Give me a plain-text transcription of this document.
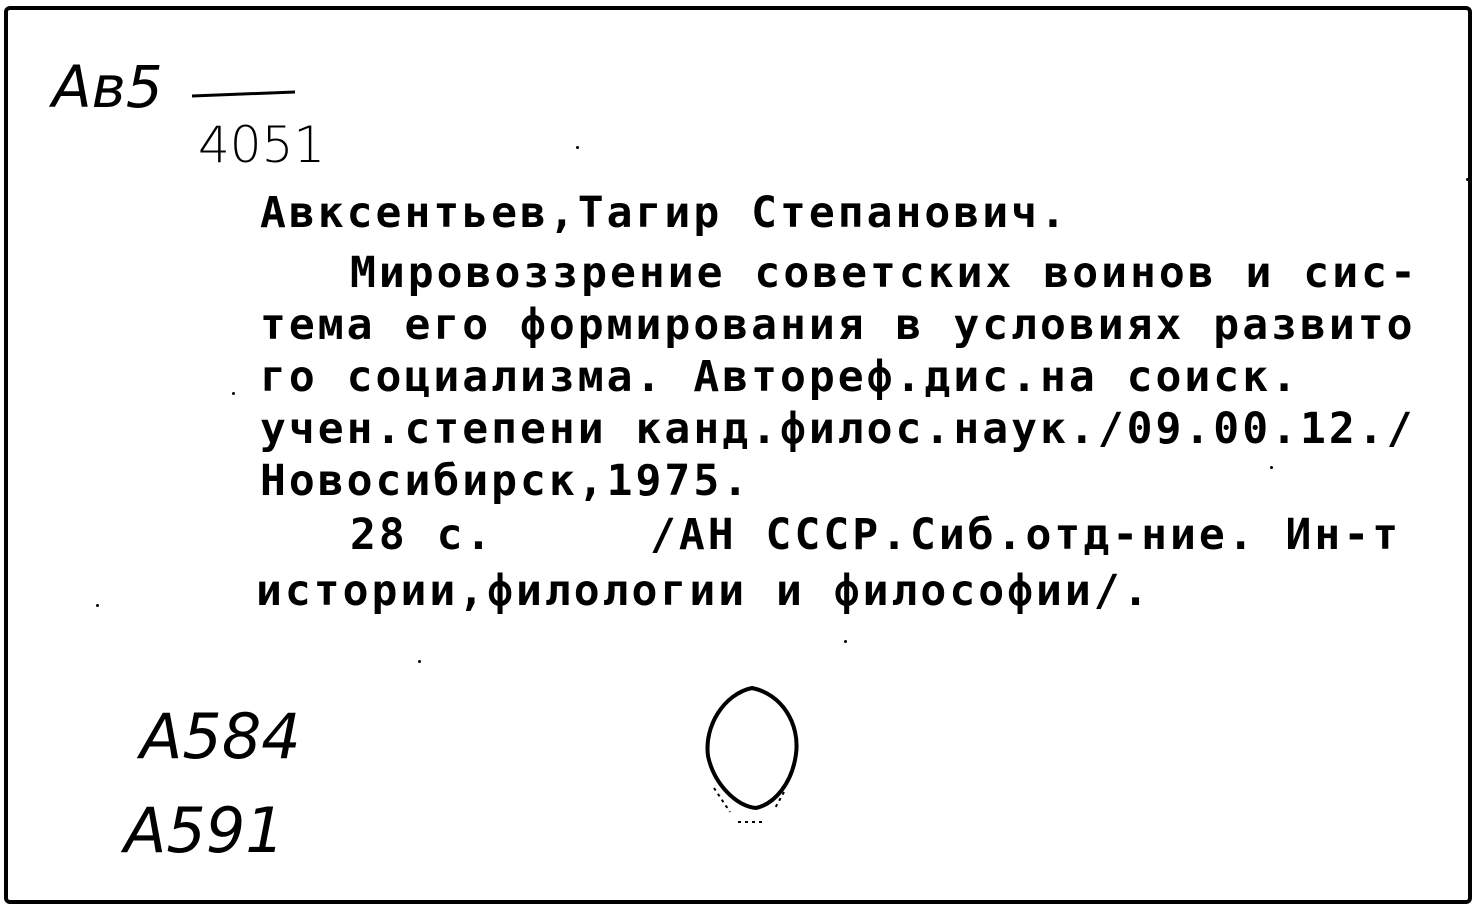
Aв5
4051
Авксентьев,Тагир Степанович.
Мировоззрение советских воинов и сис-
тема его формирования в условиях развито
го социализма. Автореф.дис.на соиск.
учен.степени канд.филос.наук./09.00.12./
Новосибирск,1975.
28 с.	/АН СССР.Сиб.отд-ние. Ин-т
истории,филологии и философии/.
A584
A591
